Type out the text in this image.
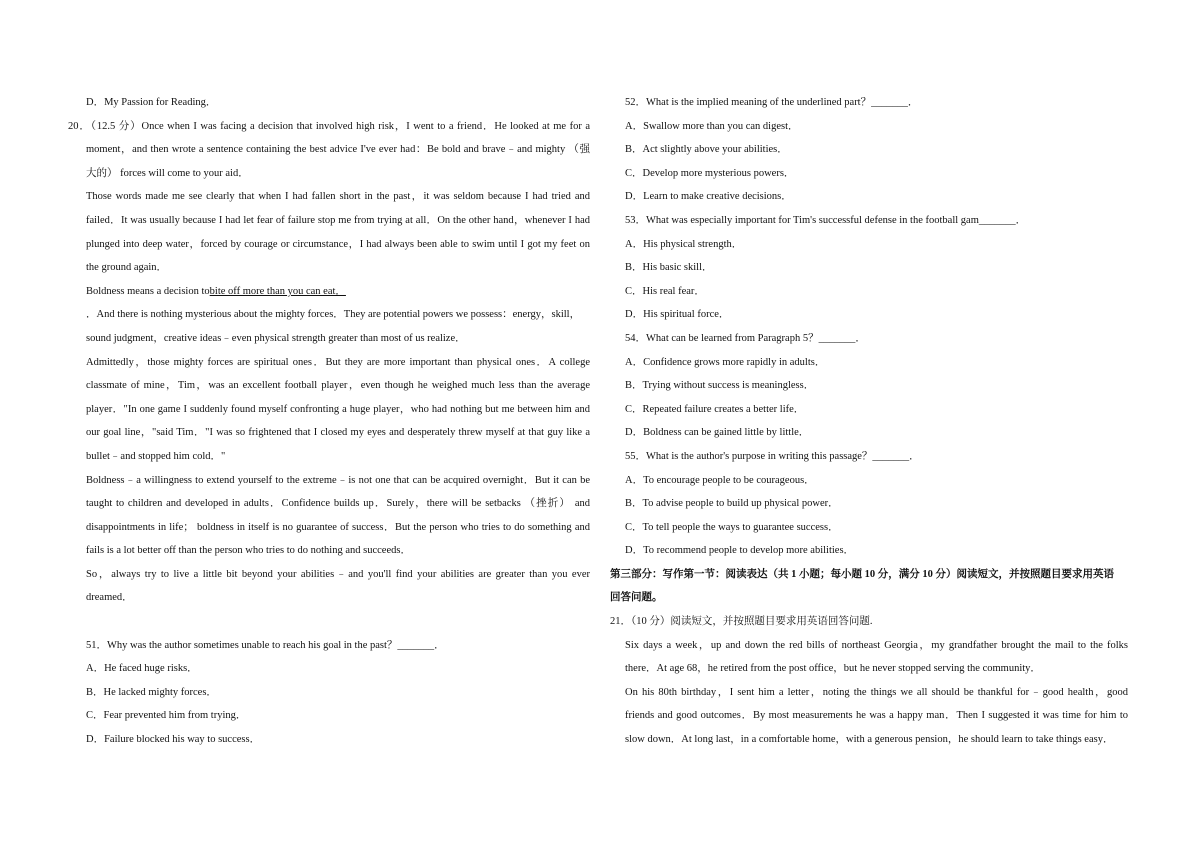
D．My Passion for Reading．
20．（12.5 分）Once when I was facing a decision that involved high risk，I went to a friend．He looked at me for a
moment，and then wrote a sentence containing the best advice I've ever had：Be bold and brave﹣and mighty （强
大的） forces will come to your aid．
Those words made me see clearly that when I had fallen short in the past，it was seldom because I had tried and
failed．It was usually because I had let fear of failure stop me from trying at all．On the other hand，whenever I had
plunged into deep water，forced by courage or circumstance，I had always been able to swim until I got my feet on
the ground again．
Boldness means a decision tobite off more than you can eat．
．And there is nothing mysterious about the mighty forces．They are potential powers we possess：energy，skill，
sound judgment，creative ideas﹣even physical strength greater than most of us realize．
Admittedly，those mighty forces are spiritual ones．But they are more important than physical ones．A college
classmate of mine，Tim，was an excellent football player，even though he weighed much less than the average
player．"In one game I suddenly found myself confronting a huge player，who had nothing but me between him and
our goal line，"said Tim．"I was so frightened that I closed my eyes and desperately threw myself at that guy like a
bullet﹣and stopped him cold．"
Boldness﹣a willingness to extend yourself to the extreme﹣is not one that can be acquired overnight．But it can be
taught to children and developed in adults．Confidence builds up．Surely，there will be setbacks （挫折） and
disappointments in life； boldness in itself is no guarantee of success．But the person who tries to do something and
fails is a lot better off than the person who tries to do nothing and succeeds．
So，always try to live a little bit beyond your abilities﹣and you'll find your abilities are greater than you ever
dreamed．
51．Why was the author sometimes unable to reach his goal in the past？_______．
A．He faced huge risks．
B．He lacked mighty forces．
C．Fear prevented him from trying．
D．Failure blocked his way to success．
52．What is the implied meaning of the underlined part？_______．
A．Swallow more than you can digest．
B．Act slightly above your abilities．
C．Develop more mysterious powers．
D．Learn to make creative decisions．
53．What was especially important for Tim's successful defense in the football gam_______．
A．His physical strength．
B．His basic skill．
C．His real fear．
D．His spiritual force．
54．What can be learned from Paragraph 5？_______．
A．Confidence grows more rapidly in adults．
B．Trying without success is meaningless．
C．Repeated failure creates a better life．
D．Boldness can be gained little by little．
55．What is the author's purpose in writing this passage？_______．
A．To encourage people to be courageous．
B．To advise people to build up physical power．
C．To tell people the ways to guarantee success．
D．To recommend people to develop more abilities．
第三部分：写作第一节：阅读表达（共 1 小题；每小题 10 分，满分 10 分）阅读短文，并按照题目要求用英语
回答问题。
21．（10 分）阅读短文，并按照题目要求用英语回答问题.
Six days a week，up and down the red bills of northeast Georgia，my grandfather brought the mail to the folks
there．At age 68，he retired from the post office，but he never stopped serving the community．
On his 80th birthday，I sent him a letter，noting the things we all should be thankful for﹣good health，good
friends and good outcomes．By most measurements he was a happy man．Then I suggested it was time for him to
slow down．At long last，in a comfortable home，with a generous pension，he should learn to take things easy．
